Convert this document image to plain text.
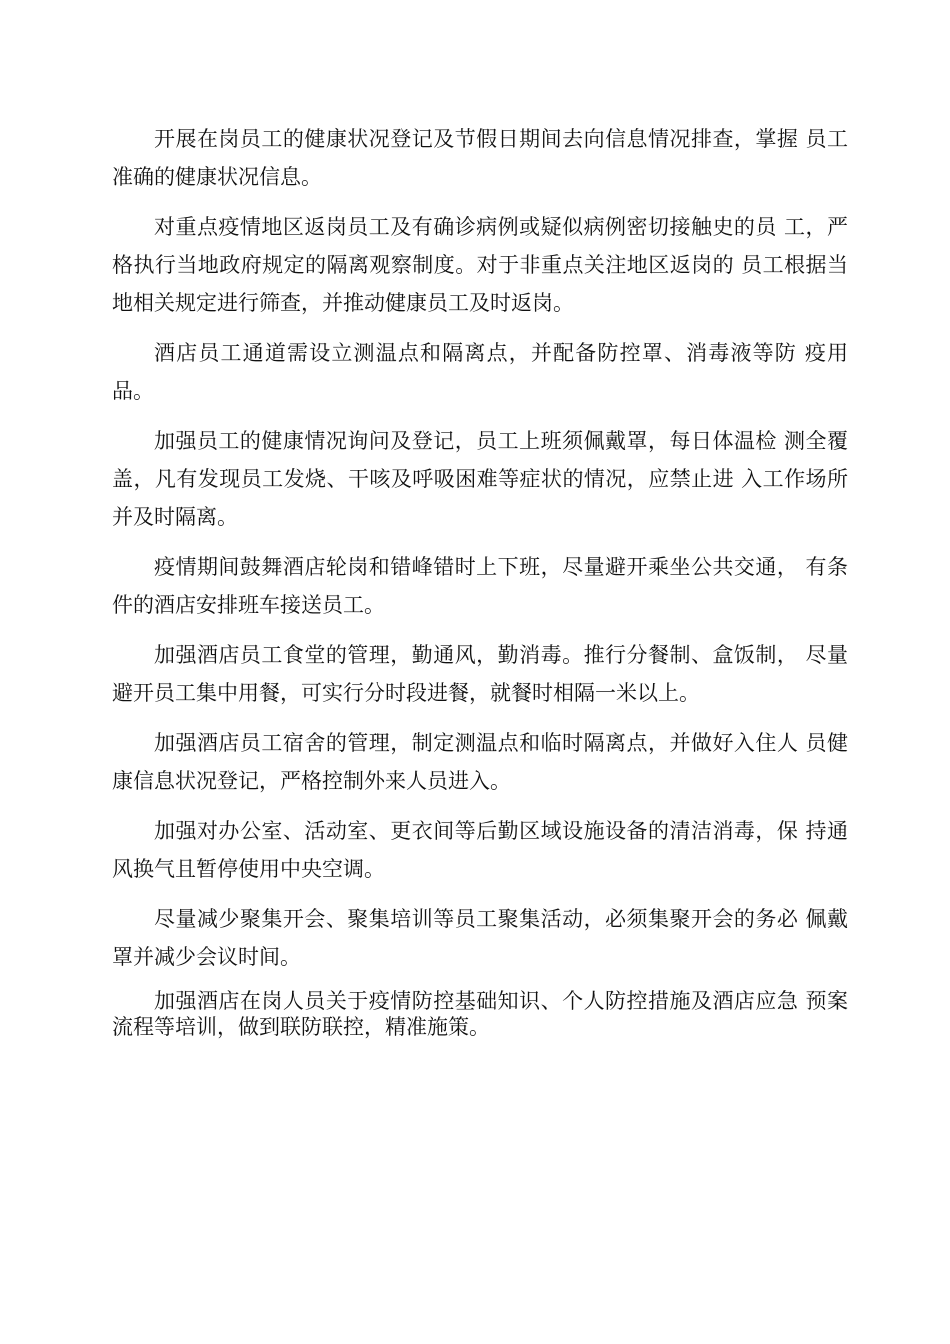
开展在岗员工的健康状况登记及节假日期间去向信息情况排查，掌握 员工准确的健康状况信息。

对重点疫情地区返岗员工及有确诊病例或疑似病例密切接触史的员 工，严格执行当地政府规定的隔离观察制度。对于非重点关注地区返岗的 员工根据当地相关规定进行筛查，并推动健康员工及时返岗。

酒店员工通道需设立测温点和隔离点，并配备防控罩、消毒液等防 疫用品。

加强员工的健康情况询问及登记，员工上班须佩戴罩，每日体温检 测全覆盖，凡有发现员工发烧、干咳及呼吸困难等症状的情况，应禁止进 入工作场所并及时隔离。

疫情期间鼓舞酒店轮岗和错峰错时上下班，尽量避开乘坐公共交通， 有条件的酒店安排班车接送员工。

加强酒店员工食堂的管理，勤通风，勤消毒。推行分餐制、盒饭制， 尽量避开员工集中用餐，可实行分时段进餐，就餐时相隔一米以上。

加强酒店员工宿舍的管理，制定测温点和临时隔离点，并做好入住人 员健康信息状况登记，严格控制外来人员进入。

加强对办公室、活动室、更衣间等后勤区域设施设备的清洁消毒，保 持通风换气且暂停使用中央空调。

尽量减少聚集开会、聚集培训等员工聚集活动，必须集聚开会的务必 佩戴罩并减少会议时间。

加强酒店在岗人员关于疫情防控基础知识、个人防控措施及酒店应急 预案流程等培训，做到联防联控，精准施策。
